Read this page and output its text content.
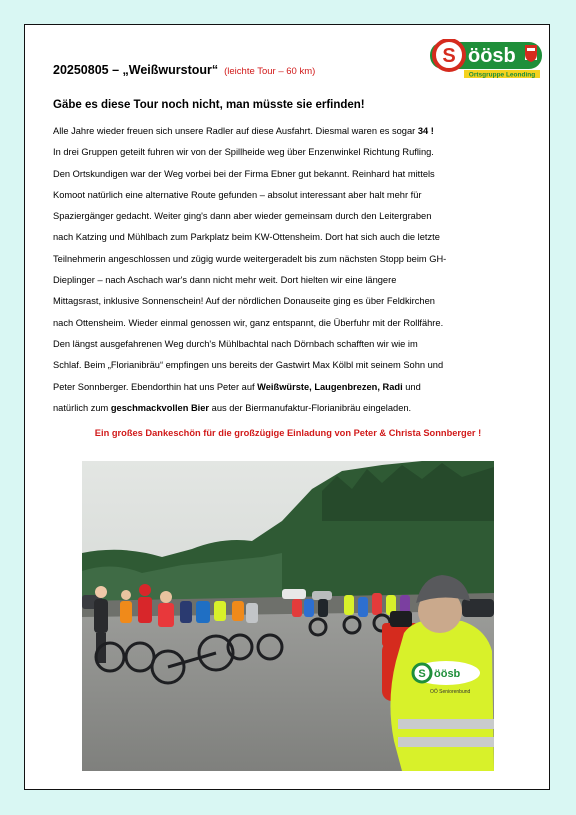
20250805 – „Weißwurstour“ (leichte Tour – 60 km)
S öösb
Ortsgruppe Leonding
Gäbe es diese Tour noch nicht, man müsste sie erfinden!
Alle Jahre wieder freuen sich unsere Radler auf diese Ausfahrt. Diesmal waren es sogar 34 !
In drei Gruppen geteilt fuhren wir von der Spillheide weg über Enzenwinkel Richtung Rufling.
Den Ortskundigen war der Weg vorbei bei der Firma Ebner gut bekannt. Reinhard hat mittels
Komoot natürlich eine alternative Route gefunden – absolut interessant aber halt mehr für
Spaziergänger gedacht. Weiter ging's dann aber wieder gemeinsam durch den Leitergraben
nach Katzing und Mühlbach zum Parkplatz beim KW-Ottensheim. Dort hat sich auch die letzte
Teilnehmerin angeschlossen und zügig wurde weitergeradelt bis zum nächsten Stopp beim GH-
Dieplinger – nach Aschach war's dann nicht mehr weit. Dort hielten wir eine längere
Mittagsrast, inklusive Sonnenschein! Auf der nördlichen Donauseite ging es über Feldkirchen
nach Ottensheim. Wieder einmal genossen wir, ganz entspannt, die Überfuhr mit der Rollfähre.
Den längst ausgefahrenen Weg durch's Mühlbachtal nach Dörnbach schafften wir wie im
Schlaf. Beim „Florianibräu“ empfingen uns bereits der Gastwirt Max Kölbl mit seinem Sohn und
Peter Sonnberger. Ebendorthin hat uns Peter auf Weißwürste, Laugenbrezen, Radi und
natürlich zum geschmackvollen Bier aus der Biermanufaktur-Florianibräu eingeladen.
Ein großes Dankeschön für die großzügige Einladung von Peter & Christa Sonnberger !
S öösb
OÖ Seniorenbund
